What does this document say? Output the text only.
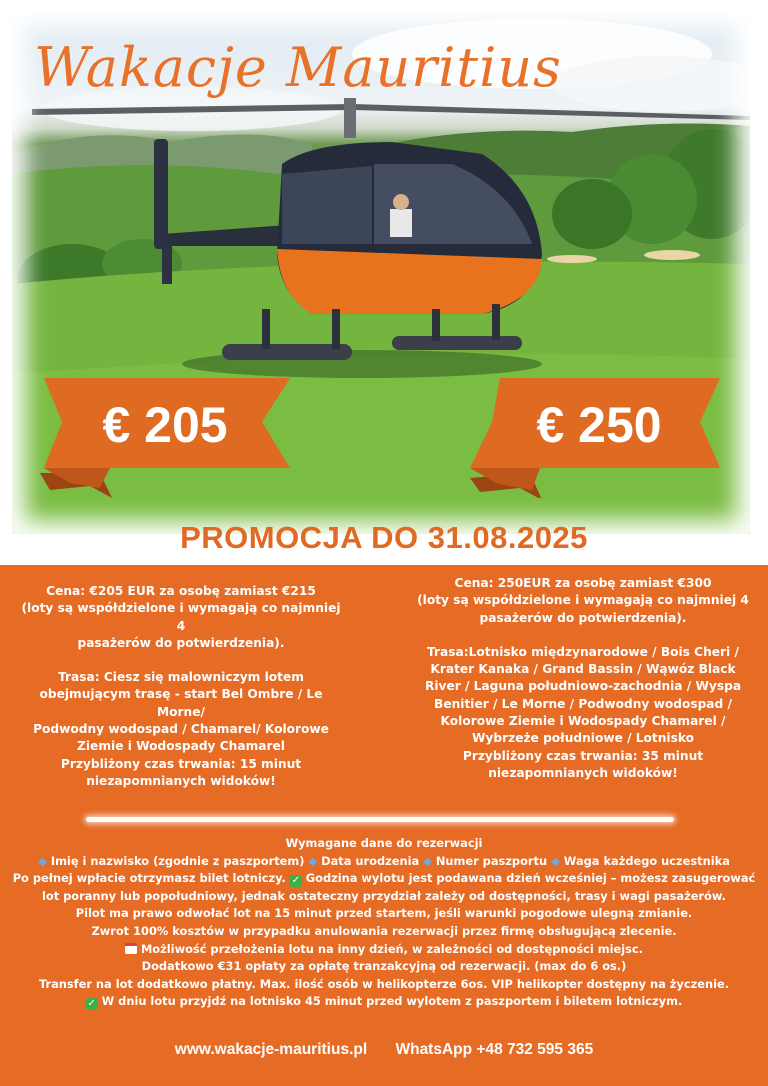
Wakacje Mauritius
€ 205	€ 250
PROMOCJA DO 31.08.2025

Cena: €205 EUR za osobę zamiast €215

(loty są współdzielone i wymagają co najmniej 4

pasażerów do potwierdzenia).

Trasa: Ciesz się malowniczym lotem

obejmującym trasę - start Bel Ombre / Le Morne/

Podwodny wodospad / Chamarel/ Kolorowe

Ziemie i Wodospady Chamarel

Przybliżony czas trwania: 15 minut

niezapomnianych widoków!

Cena: 250EUR za osobę zamiast €300

(loty są współdzielone i wymagają co najmniej 4

pasażerów do potwierdzenia).

Trasa:Lotnisko międzynarodowe / Bois Cheri /

Krater Kanaka / Grand Bassin / Wąwóz Black

River / Laguna południowo-zachodnia / Wyspa

Benitier / Le Morne / Podwodny wodospad /

Kolorowe Ziemie i Wodospady Chamarel /

Wybrzeże południowe / Lotnisko

Przybliżony czas trwania: 35 minut

niezapomnianych widoków!

Wymagane dane do rezerwacji

◆ Imię i nazwisko (zgodnie z paszportem) ◆ Data urodzenia ◆ Numer paszportu ◆ Waga każdego uczestnika

Po pełnej wpłacie otrzymasz bilet lotniczy. ✓ Godzina wylotu jest podawana dzień wcześniej – możesz zasugerować

lot poranny lub popołudniowy, jednak ostateczny przydział zależy od dostępności, trasy i wagi pasażerów.

Pilot ma prawo odwołać lot na 15 minut przed startem, jeśli warunki pogodowe ulegną zmianie.

Zwrot 100% kosztów w przypadku anulowania rezerwacji przez firmę obsługującą zlecenie.

Możliwość przełożenia lotu na inny dzień, w zależności od dostępności miejsc.

Dodatkowo €31 opłaty za opłatę tranzakcyjną od rezerwacji. (max do 6 os.)

Transfer na lot dodatkowo płatny. Max. ilość osób w helikopterze 6os. VIP helikopter dostępny na życzenie.

✓ W dniu lotu przyjdź na lotnisko 45 minut przed wylotem z paszportem i biletem lotniczym.

www.wakacje-mauritius.pl WhatsApp +48 732 595 365
